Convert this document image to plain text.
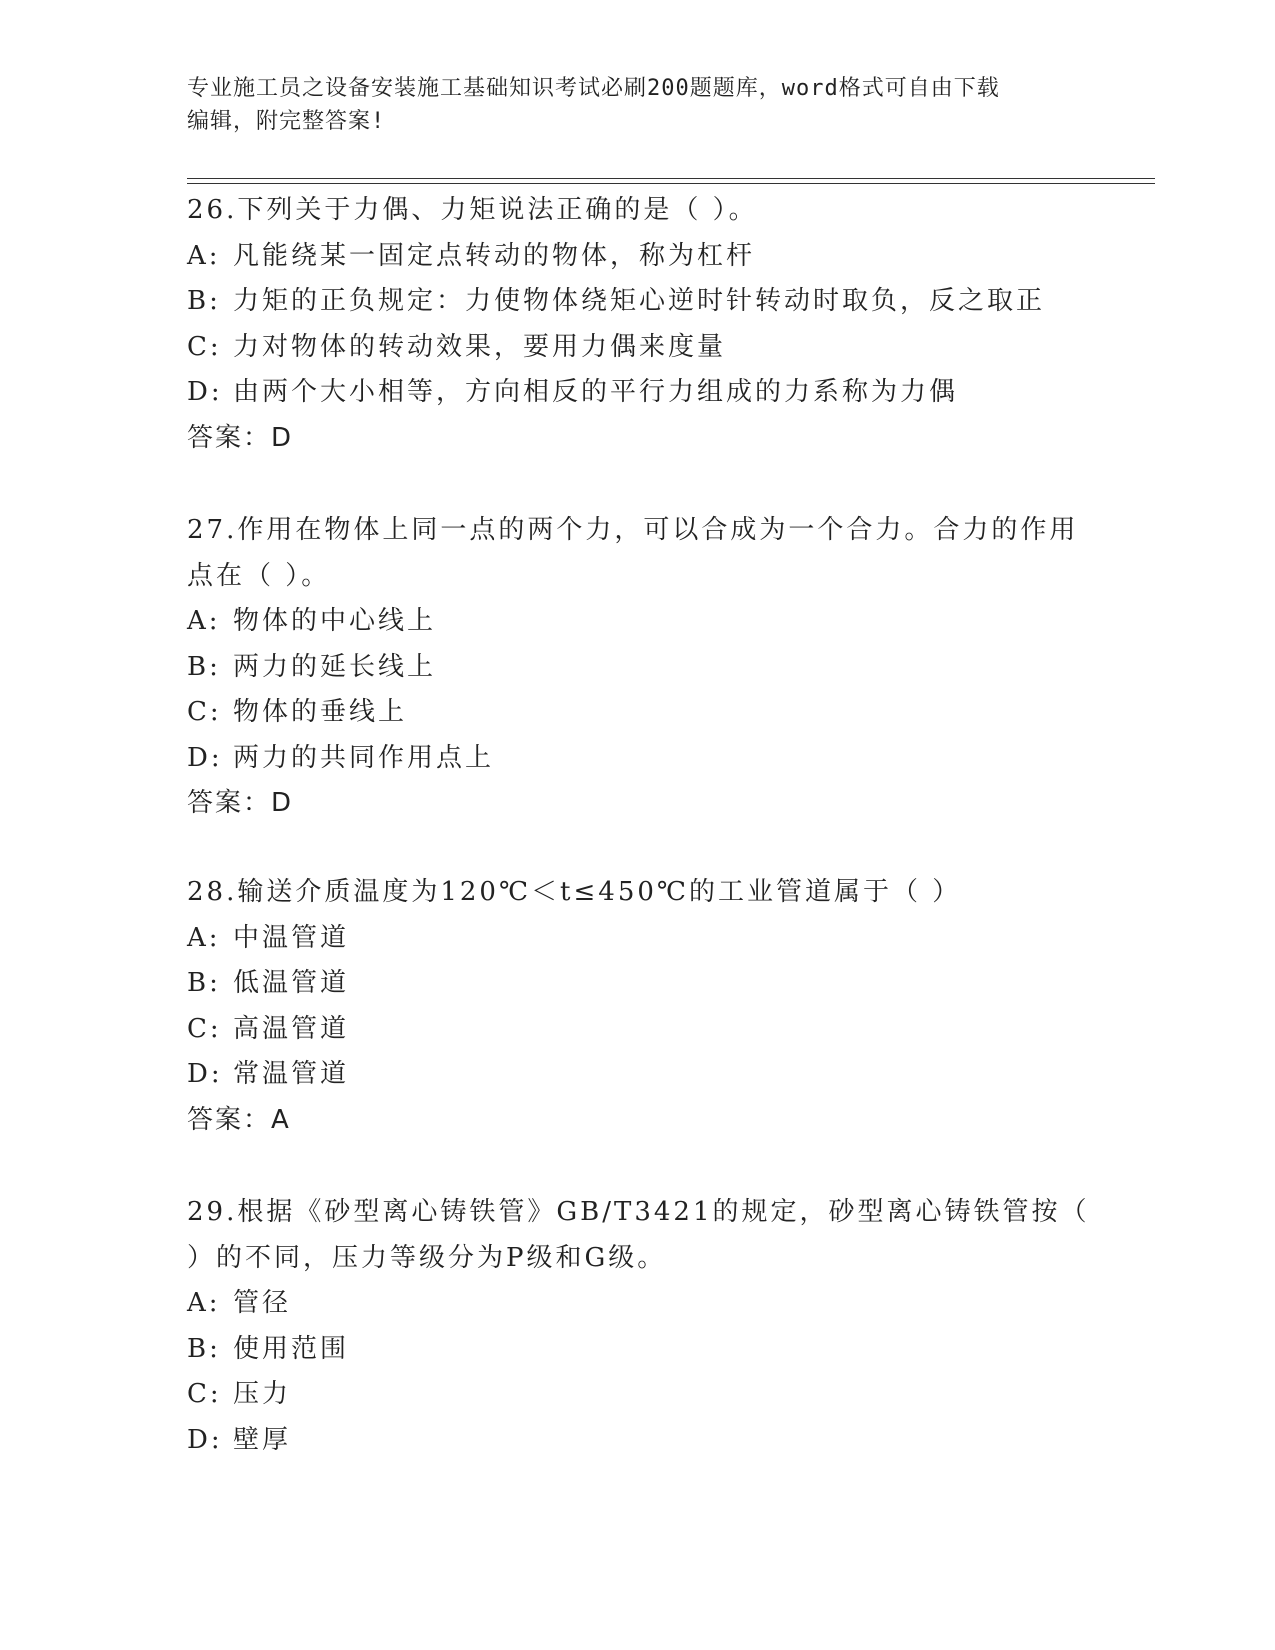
专业施工员之设备安装施工基础知识考试必刷200题题库，word格式可自由下载
编辑，附完整答案!
26.下列关于力偶、力矩说法正确的是（ ）。
A: 凡能绕某一固定点转动的物体，称为杠杆
B: 力矩的正负规定：力使物体绕矩心逆时针转动时取负，反之取正
C: 力对物体的转动效果，要用力偶来度量
D: 由两个大小相等，方向相反的平行力组成的力系称为力偶
答案：D
27.作用在物体上同一点的两个力，可以合成为一个合力。合力的作用
点在（ ）。
A: 物体的中心线上
B: 两力的延长线上
C: 物体的垂线上
D: 两力的共同作用点上
答案：D
28.输送介质温度为120℃＜t≤450℃的工业管道属于（ ）
A: 中温管道
B: 低温管道
C: 高温管道
D: 常温管道
答案：A
29.根据《砂型离心铸铁管》GB/T3421的规定，砂型离心铸铁管按（
）的不同，压力等级分为P级和G级。
A: 管径
B: 使用范围
C: 压力
D: 壁厚
